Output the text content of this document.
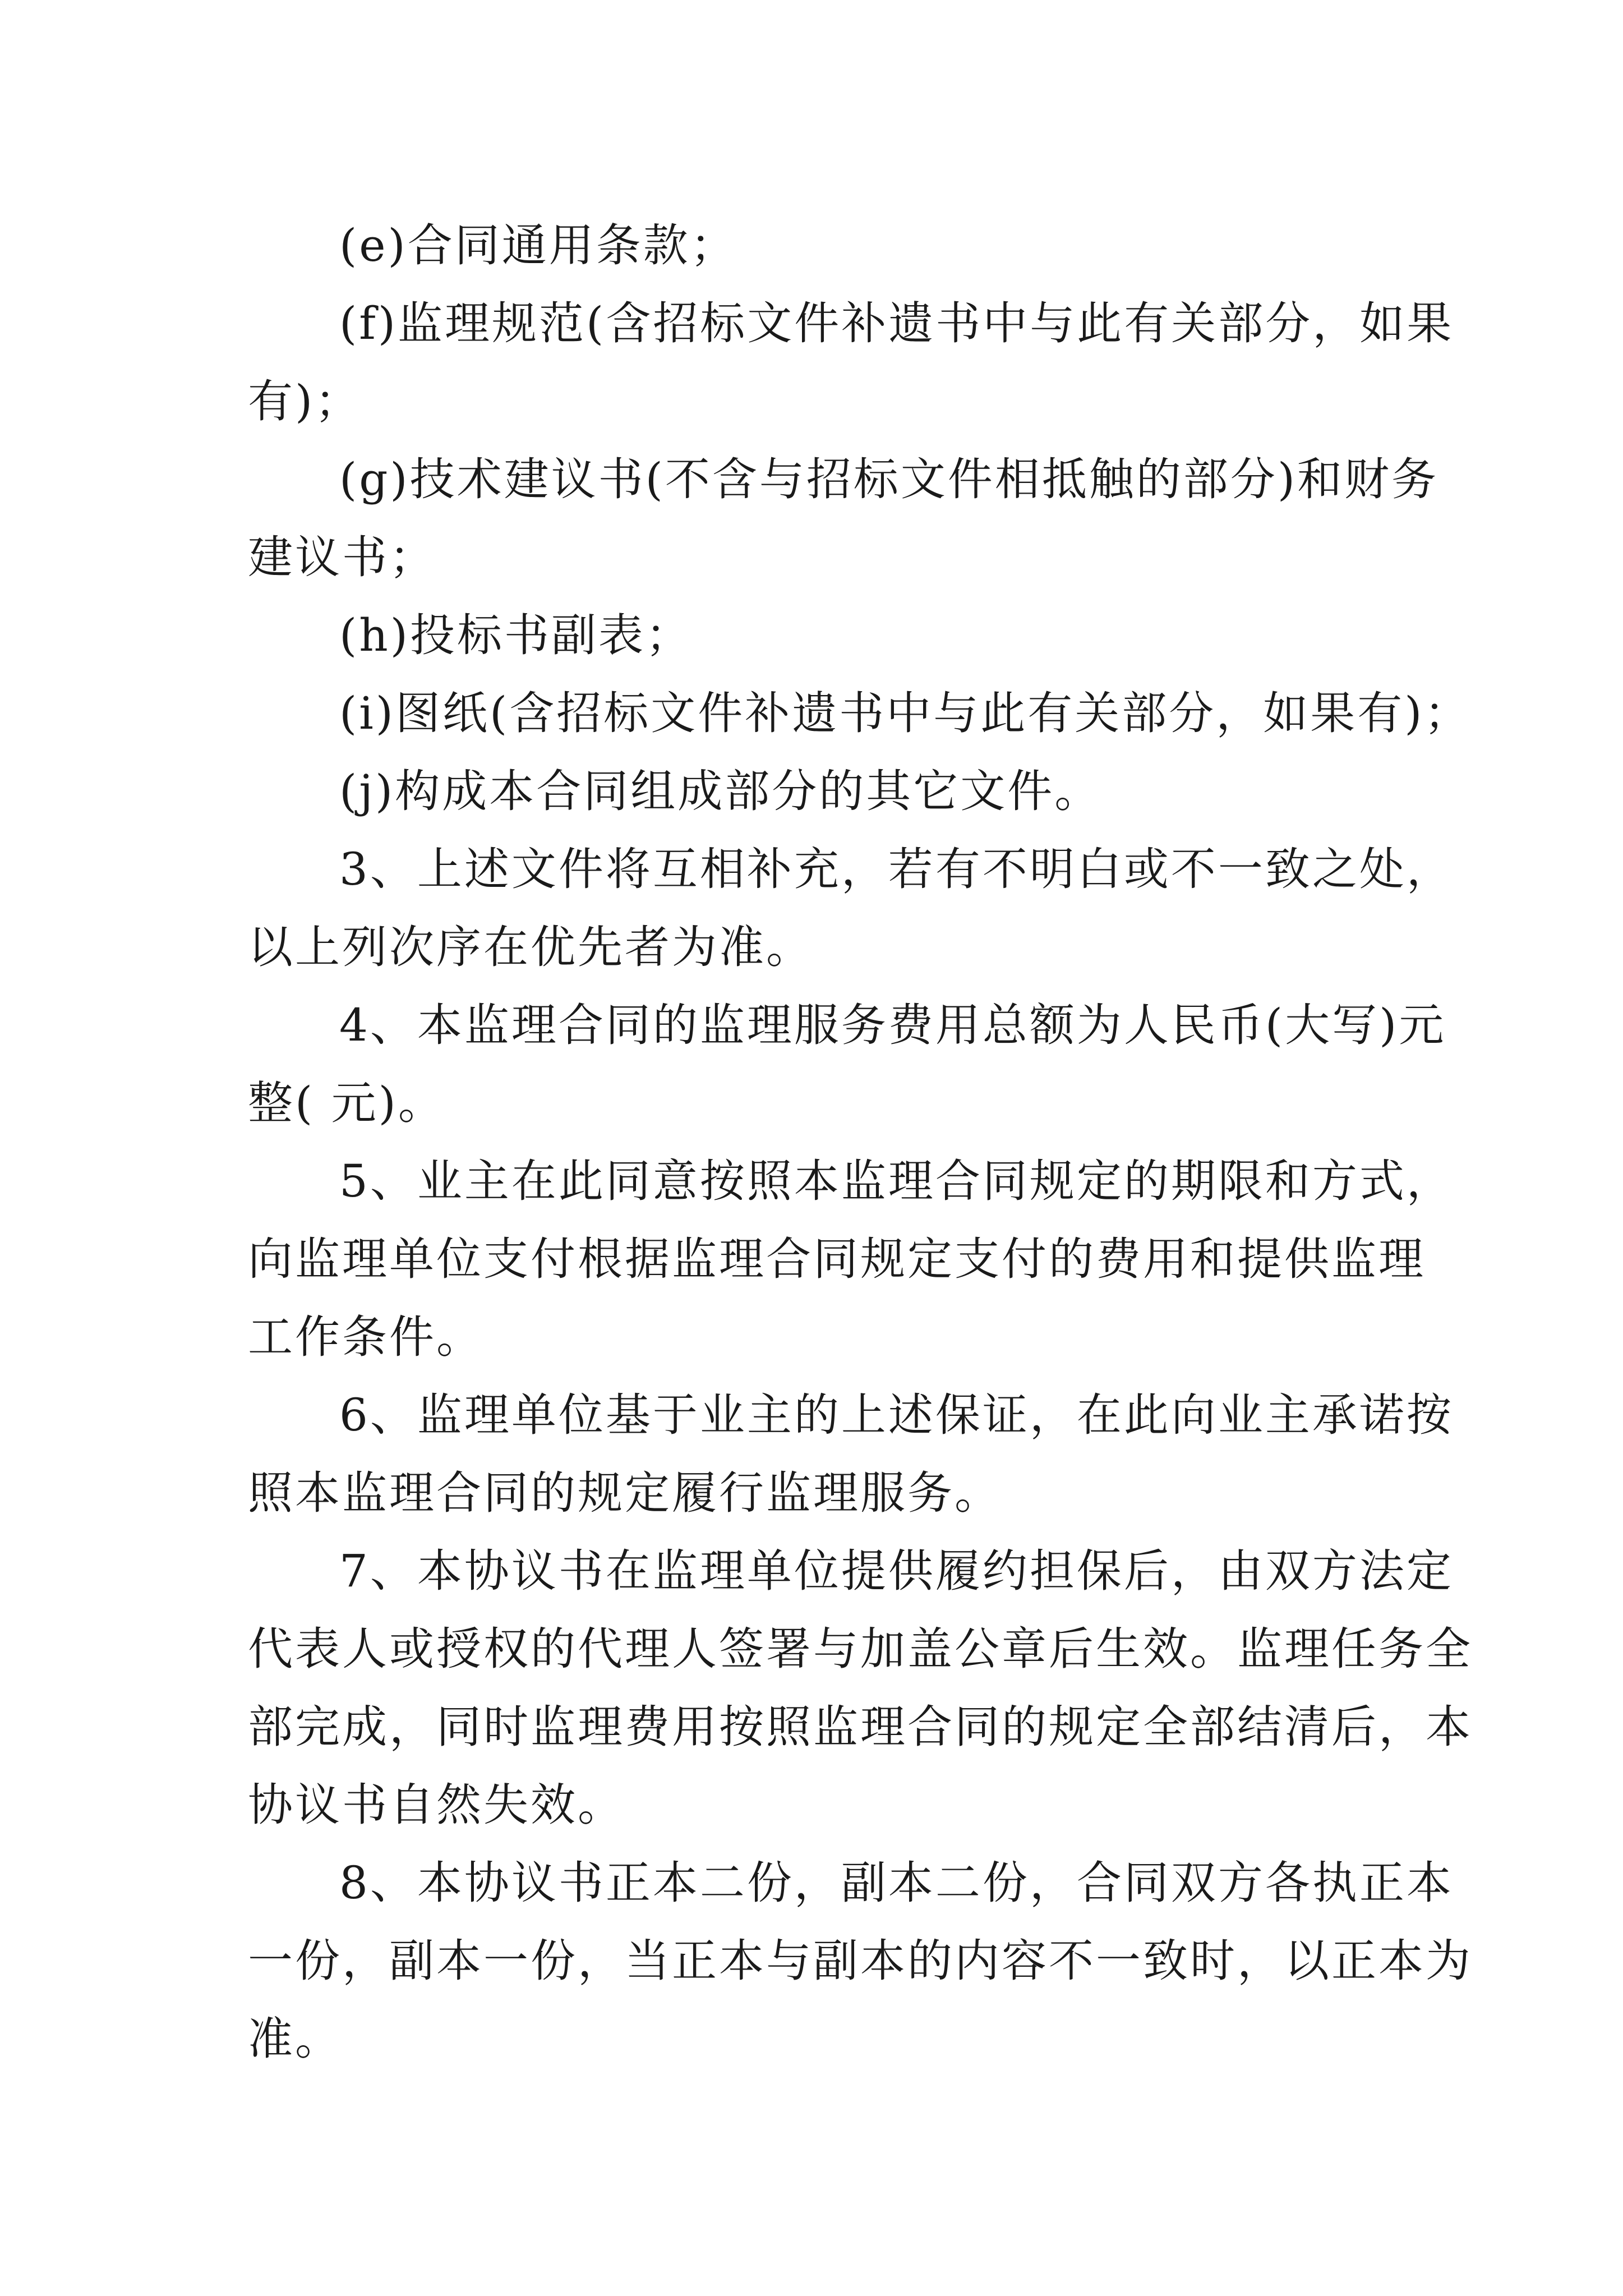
(e)合同通用条款；
(f)监理规范(含招标文件补遗书中与此有关部分，如果
有)；
(g)技术建议书(不含与招标文件相抵触的部分)和财务
建议书；
(h)投标书副表；
(i)图纸(含招标文件补遗书中与此有关部分，如果有)；
(j)构成本合同组成部分的其它文件。
3、上述文件将互相补充，若有不明白或不一致之处，
以上列次序在优先者为准。
4、本监理合同的监理服务费用总额为人民币(大写)元
整( 元)。
5、业主在此同意按照本监理合同规定的期限和方式，
向监理单位支付根据监理合同规定支付的费用和提供监理
工作条件。
6、监理单位基于业主的上述保证，在此向业主承诺按
照本监理合同的规定履行监理服务。
7、本协议书在监理单位提供履约担保后，由双方法定
代表人或授权的代理人签署与加盖公章后生效。监理任务全
部完成，同时监理费用按照监理合同的规定全部结清后，本
协议书自然失效。
8、本协议书正本二份，副本二份，合同双方各执正本
一份，副本一份，当正本与副本的内容不一致时，以正本为
准。
